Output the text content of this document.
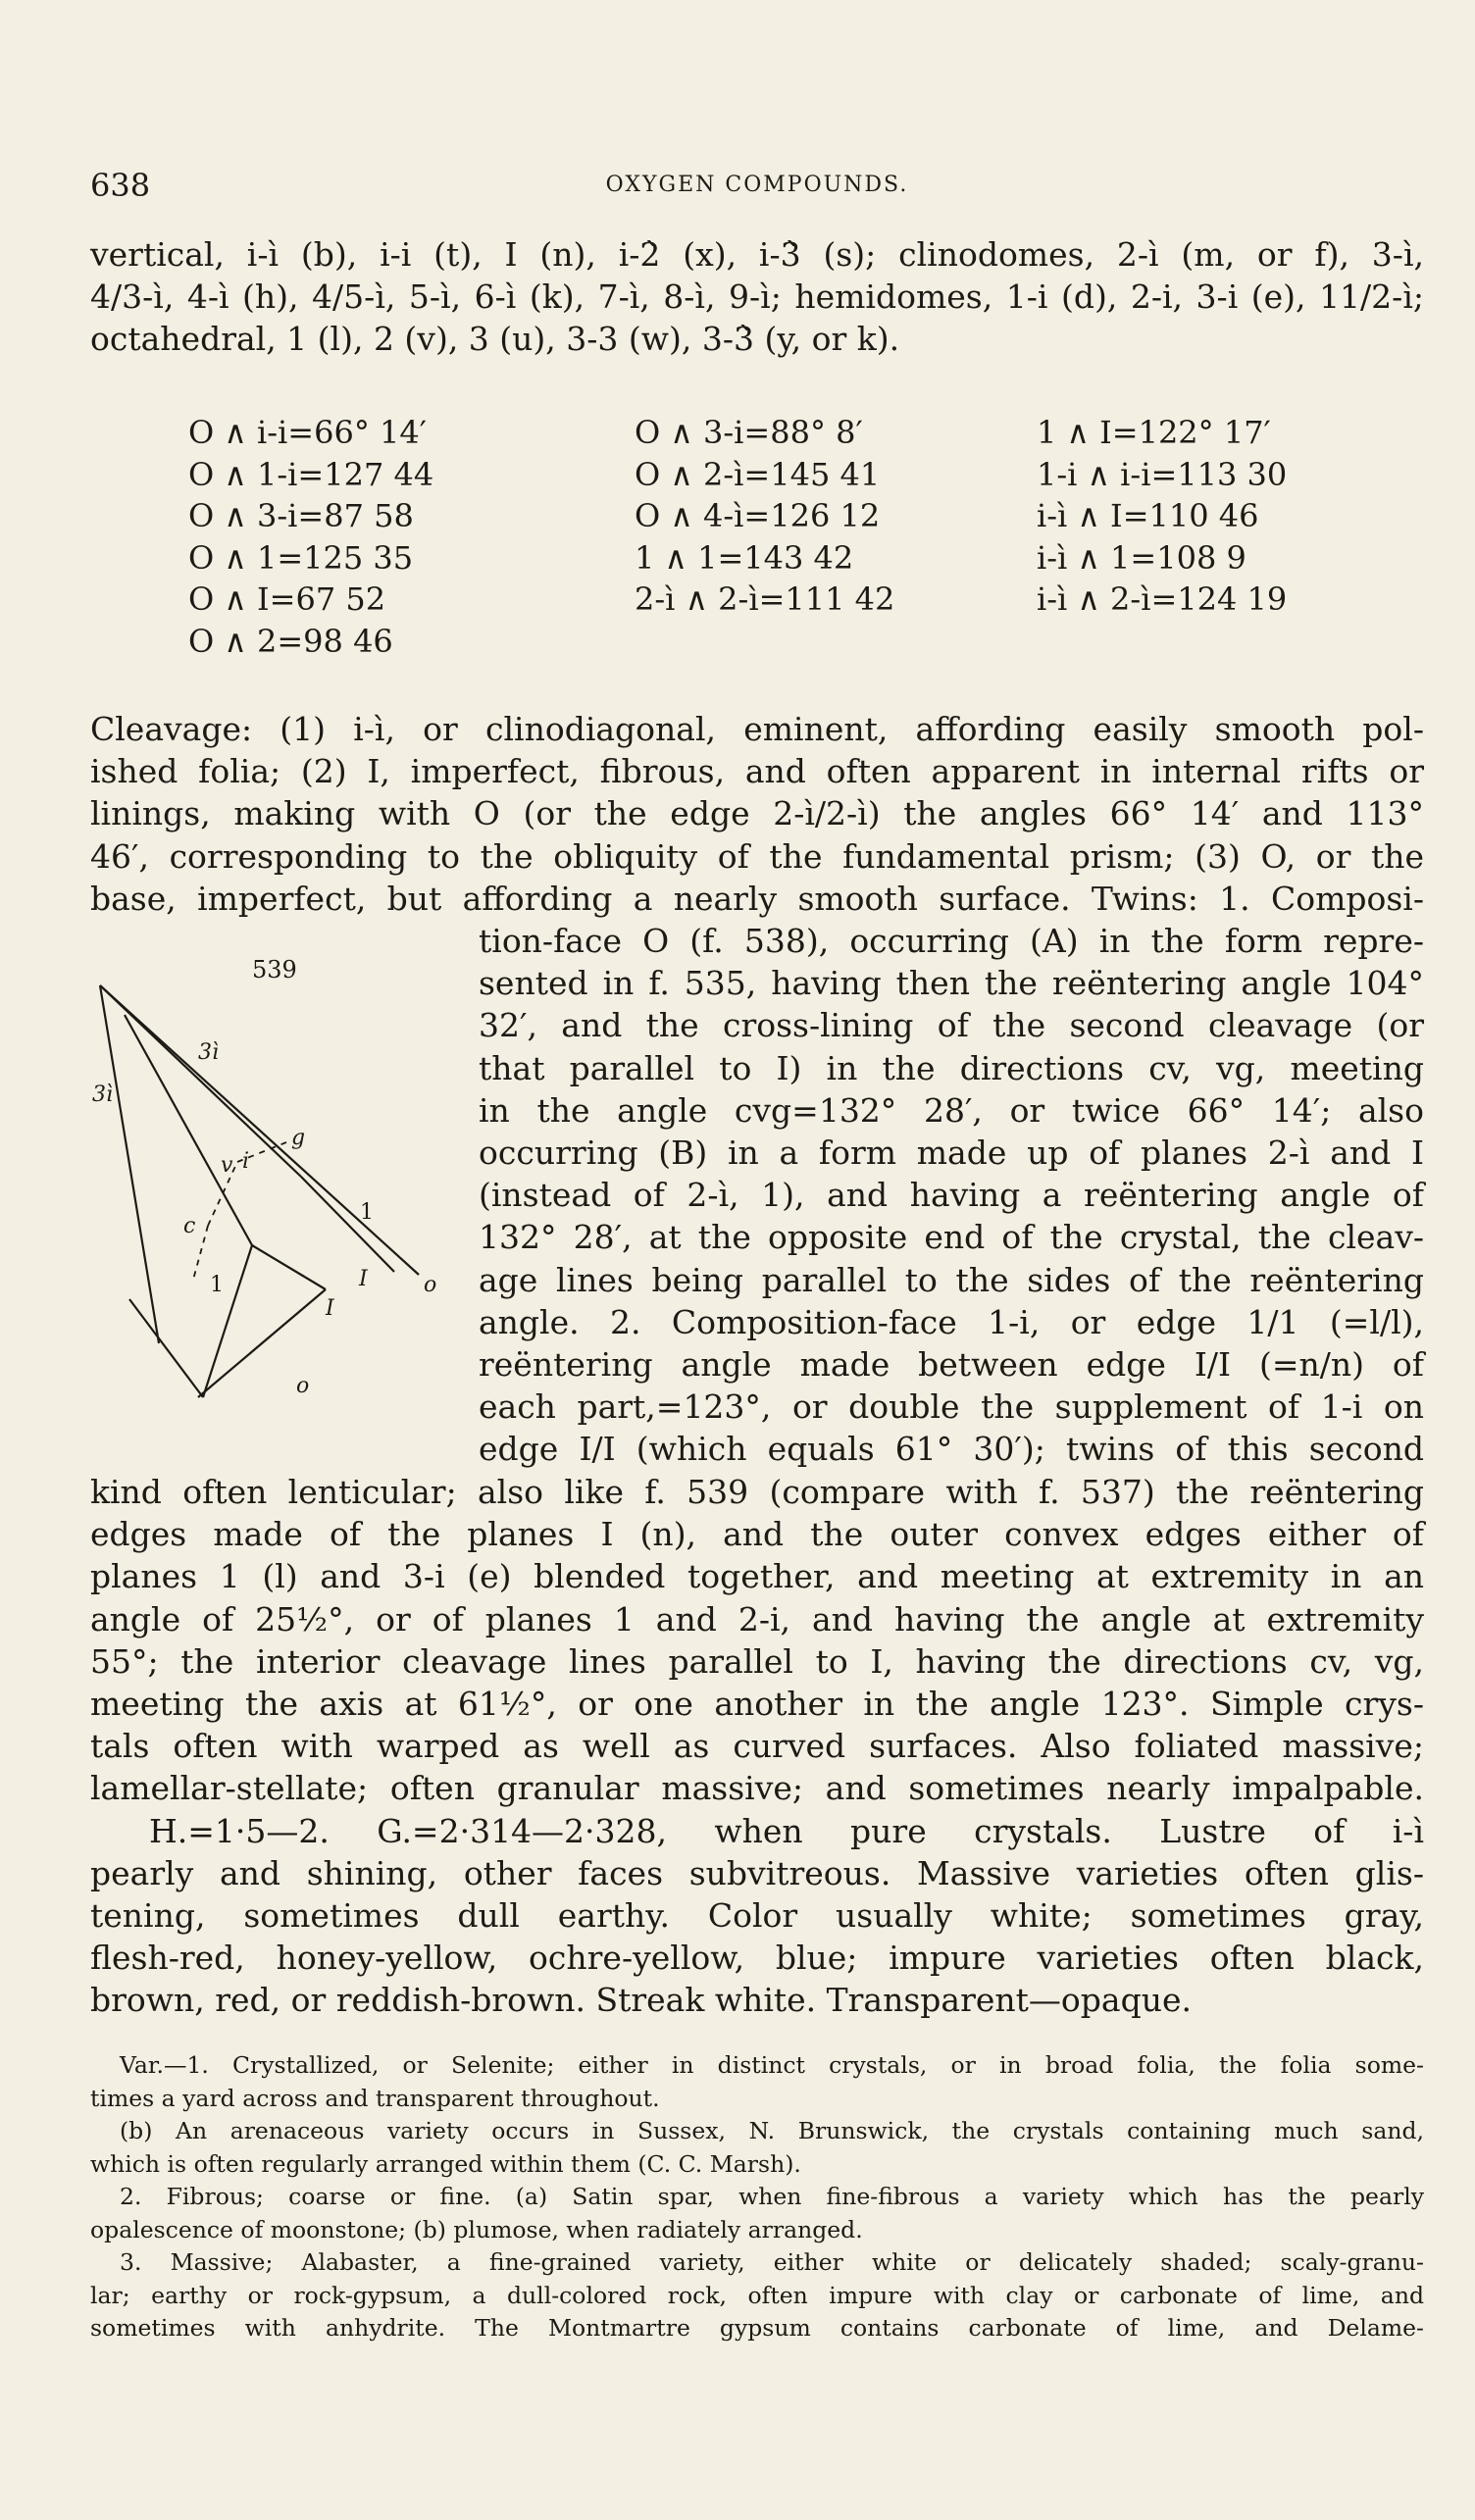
638	OXYGEN COMPOUNDS.
vertical, i-ì (b), i-i (t), I (n), i-2̀ (x), i-3̀ (s); clinodomes, 2-ì (m, or f), 3-ì,
4/3-ì, 4-ì (h), 4/5-ì, 5-ì, 6-ì (k), 7-ì, 8-ì, 9-ì; hemidomes, 1-i (d), 2-i, 3-i (e), 11/2-ì;
octahedral, 1 (l), 2 (v), 3 (u), 3-3 (w), 3-3̀ (y, or k).
O ∧ i-i=66° 14′
O ∧ 1-i=127 44
O ∧ 3-i=87 58
O ∧ 1=125 35
O ∧ I=67 52
O ∧ 2=98 46
O ∧ 3-i=88° 8′
O ∧ 2-ì=145 41
O ∧ 4-ì=126 12
1 ∧ 1=143 42
2-ì ∧ 2-ì=111 42
1 ∧ I=122° 17′
1-i ∧ i-i=113 30
i-ì ∧ I=110 46
i-ì ∧ 1=108 9
i-ì ∧ 2-ì=124 19
Cleavage: (1) i-ì, or clinodiagonal, eminent, affording easily smooth pol-
ished folia; (2) I, imperfect, fibrous, and often apparent in internal rifts or
linings, making with O (or the edge 2-ì/2-ì) the angles 66° 14′ and 113°
46′, corresponding to the obliquity of the fundamental prism; (3) O, or the
base, imperfect, but affording a nearly smooth surface. Twins: 1. Composi-
539
3ì
3ì
g
v i
c
1
o
I
1
I
o
tion-face O (f. 538), occurring (A) in the form repre-
sented in f. 535, having then the reëntering angle 104°
32′, and the cross-lining of the second cleavage (or
that parallel to I) in the directions cv, vg, meeting
in the angle cvg=132° 28′, or twice 66° 14′; also
occurring (B) in a form made up of planes 2-ì and I
(instead of 2-ì, 1), and having a reëntering angle of
132° 28′, at the opposite end of the crystal, the cleav-
age lines being parallel to the sides of the reëntering
angle. 2. Composition-face 1-i, or edge 1/1 (=l/l),
reëntering angle made between edge I/I (=n/n) of
each part,=123°, or double the supplement of 1-i on
edge I/I (which equals 61° 30′); twins of this second
kind often lenticular; also like f. 539 (compare with f. 537) the reëntering
edges made of the planes I (n), and the outer convex edges either of
planes 1 (l) and 3-i (e) blended together, and meeting at extremity in an
angle of 25½°, or of planes 1 and 2-i, and having the angle at extremity
55°; the interior cleavage lines parallel to I, having the directions cv, vg,
meeting the axis at 61½°, or one another in the angle 123°. Simple crys-
tals often with warped as well as curved surfaces. Also foliated massive;
lamellar-stellate; often granular massive; and sometimes nearly impalpable.
H.=1·5—2. G.=2·314—2·328, when pure crystals. Lustre of i-ì
pearly and shining, other faces subvitreous. Massive varieties often glis-
tening, sometimes dull earthy. Color usually white; sometimes gray,
flesh-red, honey-yellow, ochre-yellow, blue; impure varieties often black,
brown, red, or reddish-brown. Streak white. Transparent—opaque.
Var.—1. Crystallized, or Selenite; either in distinct crystals, or in broad folia, the folia some-
times a yard across and transparent throughout.
(b) An arenaceous variety occurs in Sussex, N. Brunswick, the crystals containing much sand,
which is often regularly arranged within them (C. C. Marsh).
2. Fibrous; coarse or fine. (a) Satin spar, when fine-fibrous a variety which has the pearly
opalescence of moonstone; (b) plumose, when radiately arranged.
3. Massive; Alabaster, a fine-grained variety, either white or delicately shaded; scaly-granu-
lar; earthy or rock-gypsum, a dull-colored rock, often impure with clay or carbonate of lime, and
sometimes with anhydrite. The Montmartre gypsum contains carbonate of lime, and Delame-
